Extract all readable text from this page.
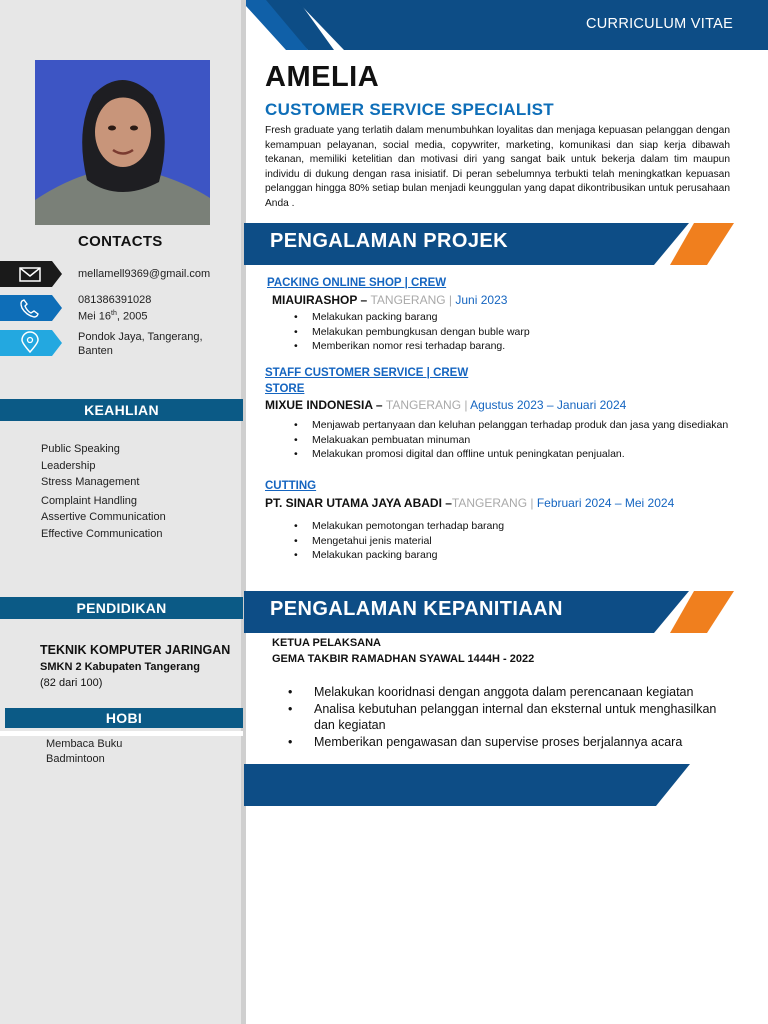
CONTACTS
mellamell9369@gmail.com
081386391028
Mei 16th, 2005
Pondok Jaya, Tangerang, Banten
KEAHLIAN
Public Speaking
Leadership
Stress Management
Complaint Handling
Assertive Communication
Effective Communication
PENDIDIKAN
TEKNIK KOMPUTER JARINGAN
SMKN 2 Kabupaten Tangerang
(82 dari 100)
HOBI
Membaca Buku
Badmintoon
CURRICULUM VITAE
AMELIA
CUSTOMER SERVICE SPECIALIST
Fresh graduate yang terlatih dalam menumbuhkan loyalitas dan menjaga kepuasan pelanggan dengan kemampuan pelayanan, social media, copywriter, marketing, komunikasi dan siap kerja dibawah tekanan, memiliki ketelitian dan motivasi diri yang sangat baik untuk bekerja dalam tim maupun individu di dukung dengan rasa inisiatif. Di peran sebelumnya terbukti telah meningkatkan kepuasan pelanggan hingga 80% setiap bulan menjadi keunggulan yang dapat dikontribusikan untuk perusahaan Anda .
PENGALAMAN PROJEK
PACKING ONLINE SHOP | CREW
MIAUIRASHOP – TANGERANG | Juni 2023
• Melakukan packing barang
• Melakukan pembungkusan dengan buble warp
• Memberikan nomor resi terhadap barang.
STAFF CUSTOMER SERVICE | CREW
STORE
MIXUE INDONESIA – TANGERANG | Agustus 2023 – Januari 2024
• Menjawab pertanyaan dan keluhan pelanggan terhadap produk dan jasa yang disediakan
• Melakuakan pembuatan minuman
• Melakukan promosi digital dan offline untuk peningkatan penjualan.
CUTTING
PT. SINAR UTAMA JAYA ABADI –TANGERANG | Februari 2024 – Mei 2024
• Melakukan pemotongan terhadap barang
• Mengetahui jenis material
• Melakukan packing barang
PENGALAMAN KEPANITIAAN
KETUA PELAKSANA
GEMA TAKBIR RAMADHAN SYAWAL 1444H - 2022
• Melakukan kooridnasi dengan anggota dalam perencanaan kegiatan
• Analisa kebutuhan pelanggan internal dan eksternal untuk menghasilkan dan kegiatan
• Memberikan pengawasan dan supervise proses berjalannya acara
